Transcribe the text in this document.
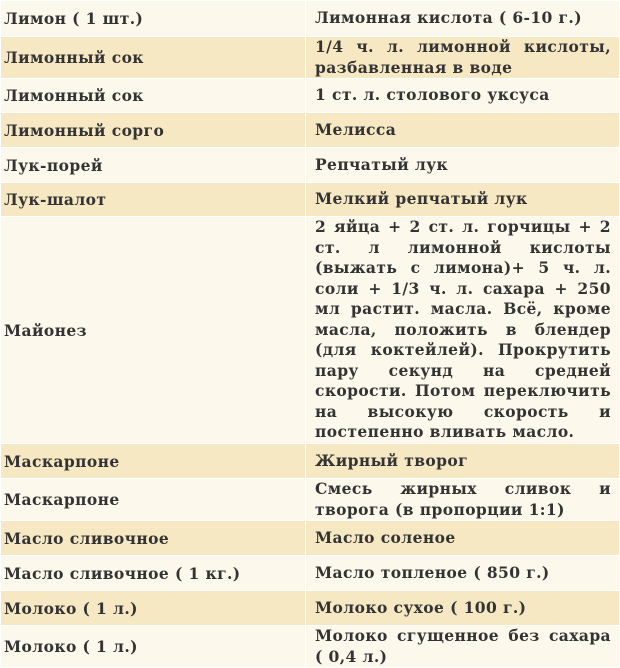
Лимон ( 1 шт.)	Лимонная кислота ( 6-10 г.)
Лимонный сок	1/4 ч. л. лимонной кислоты, разбавленная в воде
Лимонный сок	1 ст. л. столового уксуса
Лимонный сорго	Мелисса
Лук-порей	Репчатый лук
Лук-шалот	Мелкий репчатый лук
Майонез	2 яйца + 2 ст. л. горчицы + 2 ст. л лимонной кислоты (выжать с лимона)+ 5 ч. л. соли + 1/3 ч. л. сахара + 250 мл растит. масла. Всё, кроме масла, положить в блендер (для коктейлей). Прокрутить пару секунд на средней скорости. Потом переключить на высокую скорость и постепенно вливать масло.
Маскарпоне	Жирный творог
Маскарпоне	Смесь жирных сливок и творога (в пропорции 1:1)
Масло сливочное	Масло соленое
Масло сливочное ( 1 кг.)	Масло топленое ( 850 г.)
Молоко ( 1 л.)	Молоко сухое ( 100 г.)
Молоко ( 1 л.)	Молоко сгущенное без сахара ( 0,4 л.)
